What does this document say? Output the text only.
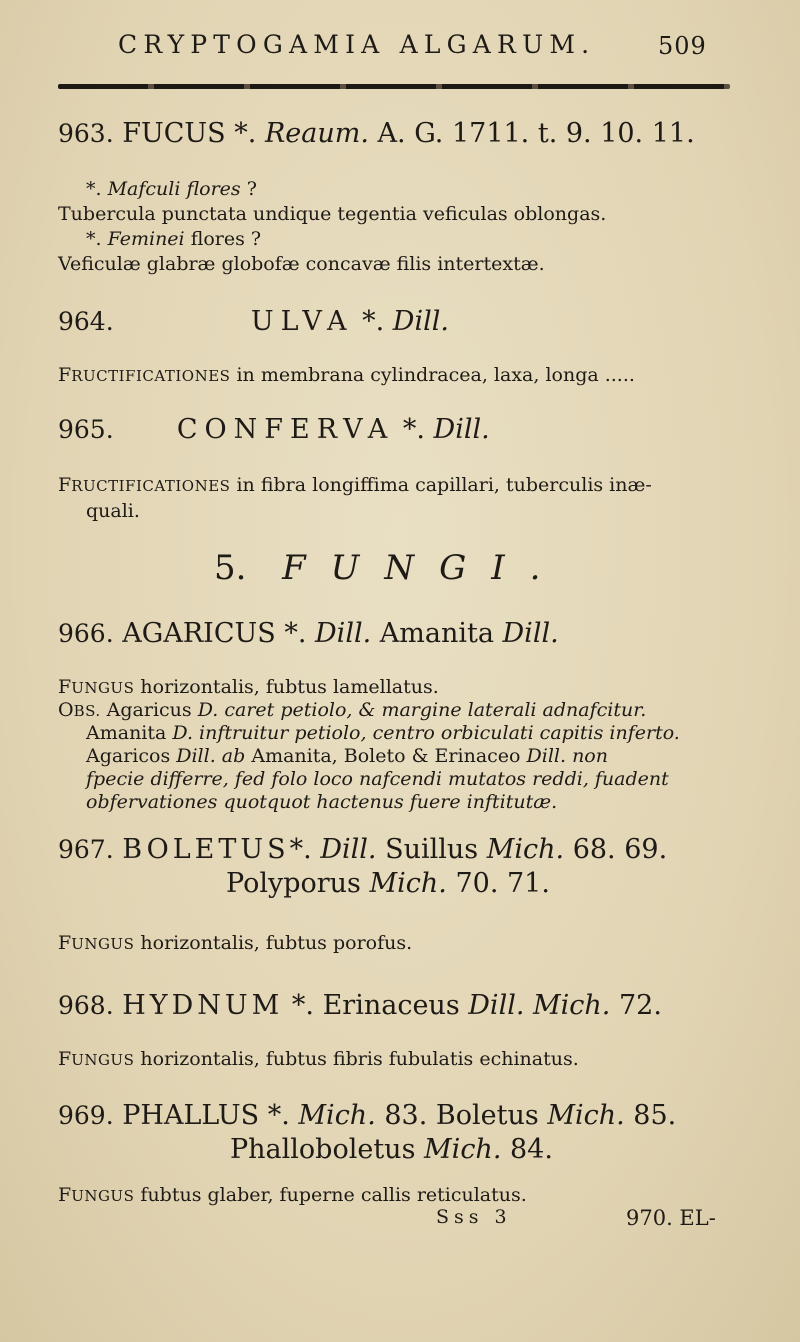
CRYPTOGAMIA ALGARUM.	509
963. FUCUS *. Reaum. A. G. 1711. t. 9. 10. 11.
*. Mafculi flores ?
Tubercula punctata undique tegentia veficulas oblongas.
*. Feminei flores ?
Veficulæ glabræ globofæ concavæ filis intertextæ.
964.	ULVA *. Dill.
FRUCTIFICATIONES in membrana cylindracea, laxa, longa .....
965. CONFERVA *. Dill.
FRUCTIFICATIONES in fibra longiffima capillari, tuberculis inæ-
quali.
5. FUNGI.
966. AGARICUS *. Dill. Amanita Dill.
FUNGUS horizontalis, fubtus lamellatus.
OBS. Agaricus D. caret petiolo, & margine laterali adnafcitur.
Amanita D. inftruitur petiolo, centro orbiculati capitis inferto.
Agaricos Dill. ab Amanita, Boleto & Erinaceo Dill. non
fpecie differre, fed folo loco nafcendi mutatos reddi, fuadent
obfervationes quotquot hactenus fuere inftitutæ.
967. BOLETUS*. Dill. Suillus Mich. 68. 69.
Polyporus Mich. 70. 71.
FUNGUS horizontalis, fubtus porofus.
968. HYDNUM *. Erinaceus Dill. Mich. 72.
FUNGUS horizontalis, fubtus fibris fubulatis echinatus.
969. PHALLUS *. Mich. 83. Boletus Mich. 85.
Phalloboletus Mich. 84.
FUNGUS fubtus glaber, fuperne callis reticulatus.
Sss 3	970. EL-
